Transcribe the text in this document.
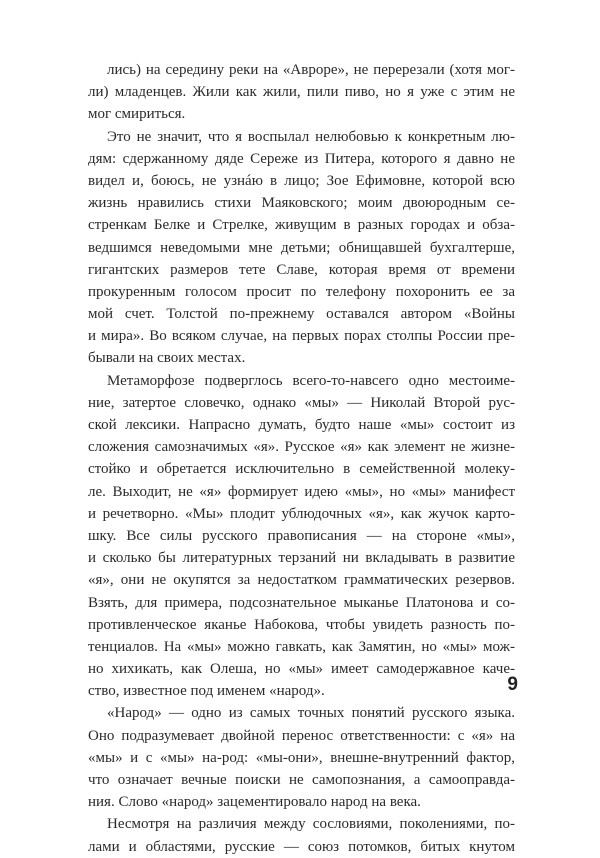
лись) на середину реки на «Авроре», не перерезали (хотя мог-
ли) младенцев. Жили как жили, пили пиво, но я уже с этим не
мог смириться.
Это не значит, что я воспылал нелюбовью к конкретным лю-
дям: сдержанному дяде Сереже из Питера, которого я давно не
видел и, боюсь, не узнáю в лицо; Зое Ефимовне, которой всю
жизнь нравились стихи Маяковского; моим двоюродным се-
стренкам Белке и Стрелке, живущим в разных городах и обза-
ведшимся неведомыми мне детьми; обнищавшей бухгалтерше,
гигантских размеров тете Славе, которая время от времени
прокуренным голосом просит по телефону похоронить ее за
мой счет. Толстой по-прежнему оставался автором «Войны
и мира». Во всяком случае, на первых порах столпы России пре-
бывали на своих местах.
Метаморфозе подверглось всего-то-навсего одно местоиме-
ние, затертое словечко, однако «мы» — Николай Второй рус-
ской лексики. Напрасно думать, будто наше «мы» состоит из
сложения самозначимых «я». Русское «я» как элемент не жизне-
стойко и обретается исключительно в семейственной молеку-
ле. Выходит, не «я» формирует идею «мы», но «мы» манифест
и речетворно. «Мы» плодит ублюдочных «я», как жучок карто-
шку. Все силы русского правописания — на стороне «мы»,
и сколько бы литературных терзаний ни вкладывать в развитие
«я», они не окупятся за недостатком грамматических резервов.
Взять, для примера, подсознательное мыканье Платонова и со-
противленческое яканье Набокова, чтобы увидеть разность по-
тенциалов. На «мы» можно гавкать, как Замятин, но «мы» мож-
но хихикать, как Олеша, но «мы» имеет самодержавное каче-
ство, известное под именем «народ».
«Народ» — одно из самых точных понятий русского языка.
Оно подразумевает двойной перенос ответственности: с «я» на
«мы» и с «мы» на-род: «мы-они», внешне-внутренний фактор,
что означает вечные поиски не самопознания, а самооправда-
ния. Слово «народ» зацементировало народ на века.
Несмотря на различия между сословиями, поколениями, по-
лами и областями, русские — союз потомков, битых кнутом
9
